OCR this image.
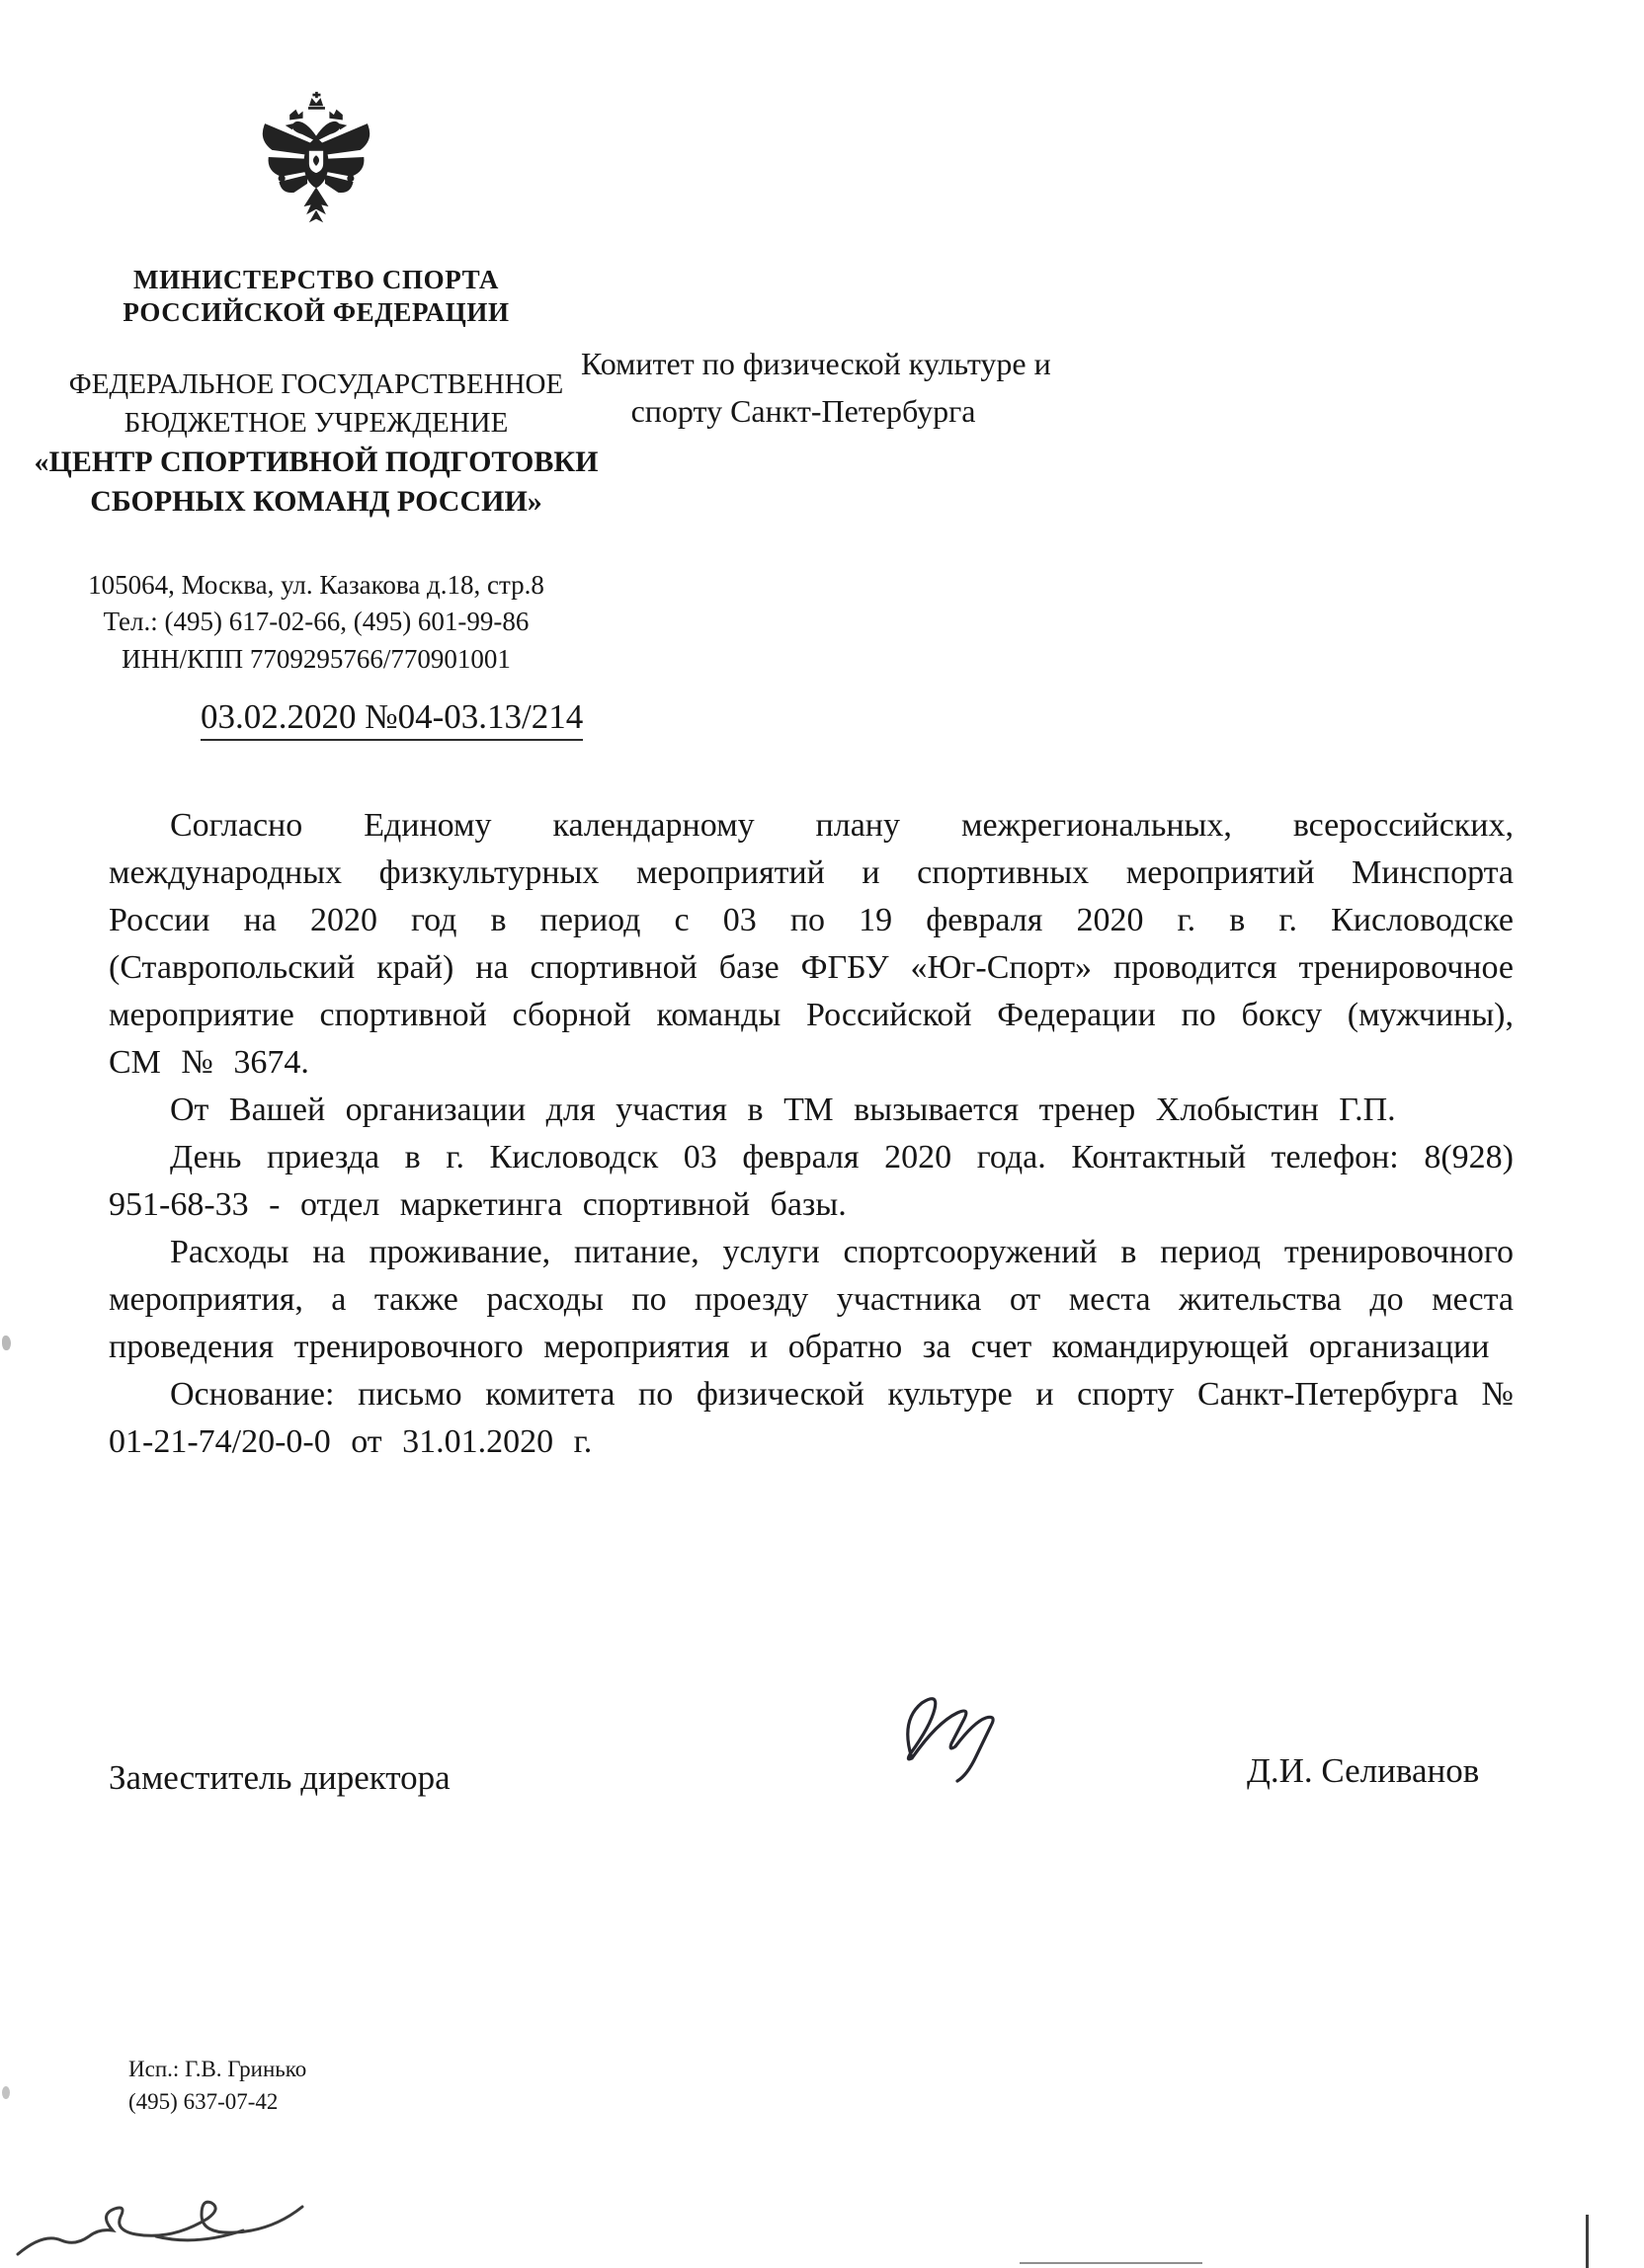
МИНИСТЕРСТВО СПОРТА
РОССИЙСКОЙ ФЕДЕРАЦИИ
ФЕДЕРАЛЬНОЕ ГОСУДАРСТВЕННОЕ
БЮДЖЕТНОЕ УЧРЕЖДЕНИЕ
«ЦЕНТР СПОРТИВНОЙ ПОДГОТОВКИ
СБОРНЫХ КОМАНД РОССИИ»
105064, Москва, ул. Казакова д.18, стр.8
Тел.: (495) 617-02-66, (495) 601-99-86
ИНН/КПП 7709295766/770901001
Комитет по физической культуре и
спорту Санкт-Петербурга
03.02.2020 №04-03.13/214

Согласно Единому календарному плану межрегиональных, всероссийских, международных физкультурных мероприятий и спортивных мероприятий Минспорта России на 2020 год в период с 03 по 19 февраля 2020 г. в г. Кисловодске (Ставропольский край) на спортивной базе ФГБУ «Юг-Спорт» проводится тренировочное мероприятие спортивной сборной команды Российской Федерации по боксу (мужчины), СМ № 3674.

От Вашей организации для участия в ТМ вызывается тренер Хлобыстин Г.П.

День приезда в г. Кисловодск 03 февраля 2020 года. Контактный телефон: 8(928) 951-68-33 - отдел маркетинга спортивной базы.

Расходы на проживание, питание, услуги спортсооружений в период тренировочного мероприятия, а также расходы по проезду участника от места жительства до места проведения тренировочного мероприятия и обратно за счет командирующей организации

Основание: письмо комитета по физической культуре и спорту Санкт-Петербурга № 01-21-74/20-0-0 от 31.01.2020 г.

Заместитель директора	Д.И. Селиванов
Исп.: Г.В. Гринько
(495) 637-07-42
